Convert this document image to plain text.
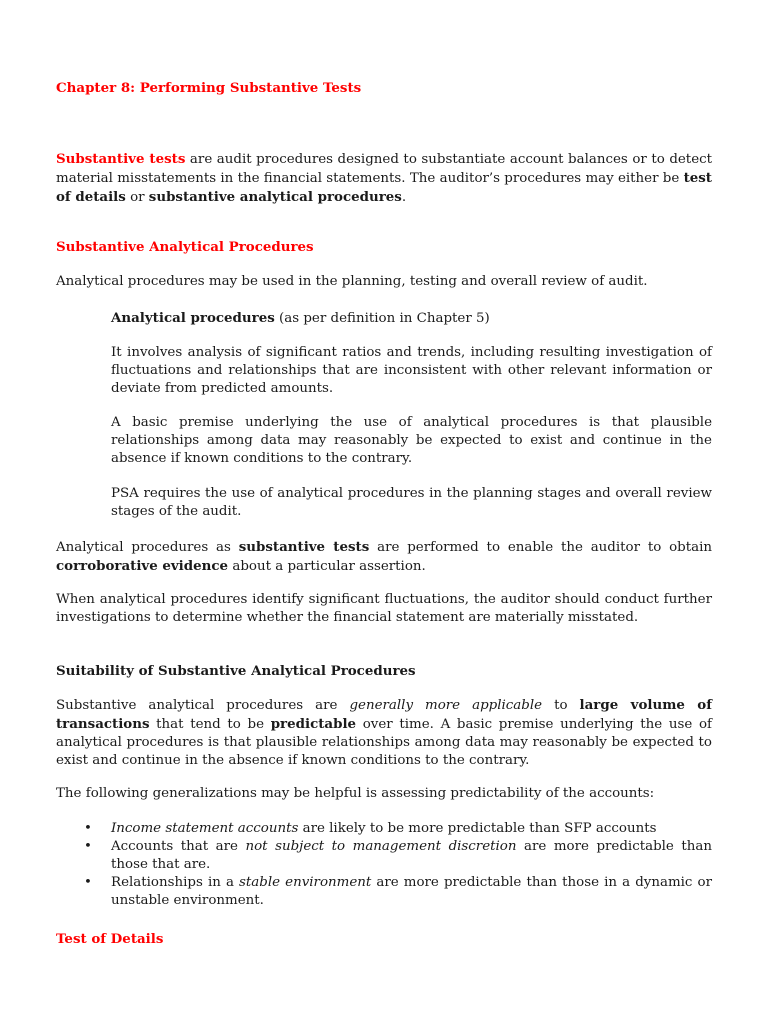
Chapter 8: Performing Substantive Tests

Substantive tests are audit procedures designed to substantiate account balances or to detect material misstatements in the financial statements. The auditor’s procedures may either be test of details or substantive analytical procedures.

Substantive Analytical Procedures

Analytical procedures may be used in the planning, testing and overall review of audit.

Analytical procedures (as per definition in Chapter 5)

It involves analysis of significant ratios and trends, including resulting investigation of fluctuations and relationships that are inconsistent with other relevant information or deviate from predicted amounts.

A basic premise underlying the use of analytical procedures is that plausible relationships among data may reasonably be expected to exist and continue in the absence if known conditions to the contrary.

PSA requires the use of analytical procedures in the planning stages and overall review stages of the audit.

Analytical procedures as substantive tests are performed to enable the auditor to obtain corroborative evidence about a particular assertion.

When analytical procedures identify significant fluctuations, the auditor should conduct further investigations to determine whether the financial statement are materially misstated.

Suitability of Substantive Analytical Procedures

Substantive analytical procedures are generally more applicable to large volume of transactions that tend to be predictable over time. A basic premise underlying the use of analytical procedures is that plausible relationships among data may reasonably be expected to exist and continue in the absence if known conditions to the contrary.

The following generalizations may be helpful is assessing predictability of the accounts:

• Income statement accounts are likely to be more predictable than SFP accounts
• Accounts that are not subject to management discretion are more predictable than those that are.
• Relationships in a stable environment are more predictable than those in a dynamic or unstable environment.
Test of Details
